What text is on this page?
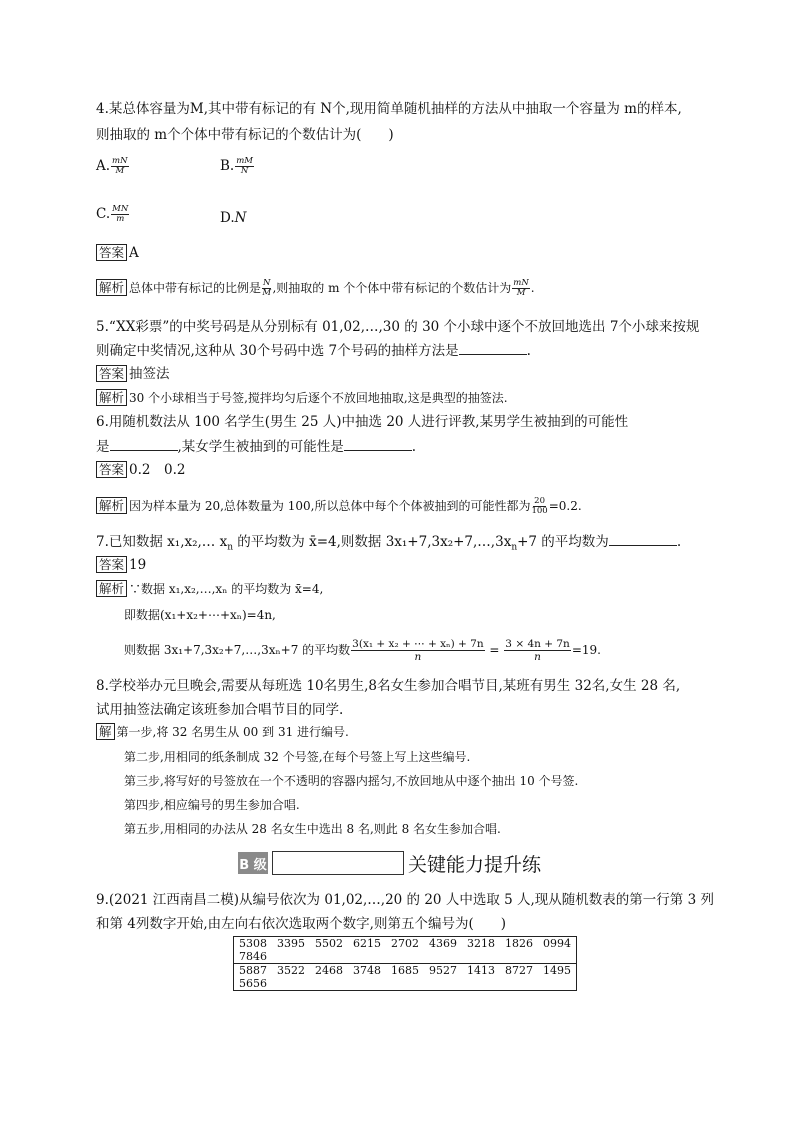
4.某总体容量为M,其中带有标记的有 N个,现用简单随机抽样的方法从中抽取一个容量为 m的样本,
则抽取的 m个个体中带有标记的个数估计为(　　)
A. $\frac{mN}{M}$	B. $\frac{mM}{N}$
C. $\frac{MN}{m}$	D.N
答案 A
解析 总体中带有标记的比例是 $\frac{N}{M}$ ,则抽取的 m 个个体中带有标记的个数估计为 $\frac{mN}{M}$ .
5.“XX彩票”的中奖号码是从分别标有 01,02,…,30 的 30 个小球中逐个不放回地选出 7个小球来按规
则确定中奖情况,这种从 30个号码中选 7个号码的抽样方法是	.
答案 抽签法
解析 30 个小球相当于号签,搅拌均匀后逐个不放回地抽取,这是典型的抽签法.
6.用随机数法从 100 名学生(男生 25 人)中抽选 20 人进行评教,某男学生被抽到的可能性
是	,某女学生被抽到的可能性是	.
答案 0.2　0.2
解析 因为样本量为 20,总体数量为 100,所以总体中每个个体被抽到的可能性都为 $\frac{20}{100} =0.2$.
7.已知数据 x₁,x₂,… $x_n$ 的平均数为 x̄=4,则数据 $3x_1+7,3x_2+7,\dots,3x_n+7$ 的平均数为	.
答案 19
解析 ∵数据 x₁,x₂,…,xₙ 的平均数为 x̄=4,
即数据(x₁+x₂+⋯+xₙ)=4n,
则数据 3x₁+7,3x₂+7,…,3xₙ+7 的平均数 $\frac{\text{3(x₁ + x₂ + ⋯ + xₙ) + 7n}}{n} = \frac{3 \times 4n + 7n}{n} =19$.
8.学校举办元旦晚会,需要从每班选 10名男生,8名女生参加合唱节目,某班有男生 32名,女生 28 名,
试用抽签法确定该班参加合唱节目的同学.
解 第一步,将 32 名男生从 00 到 31 进行编号.
第二步,用相同的纸条制成 32 个号签,在每个号签上写上这些编号.
第三步,将写好的号签放在一个不透明的容器内摇匀,不放回地从中逐个抽出 10 个号签.
第四步,相应编号的男生参加合唱.
第五步,用相同的办法从 28 名女生中选出 8 名,则此 8 名女生参加合唱.
B 级	关键能力提升练
9.(2021 江西南昌二模)从编号依次为 01,02,…,20 的 20 人中选取 5 人,现从随机数表的第一行第 3 列
和第 4列数字开始,由左向右依次选取两个数字,则第五个编号为(　　)
5308	3395	5502	6215	2702	4369	3218	1826	0994
7846								
5887	3522	2468	3748	1685	9527	1413	8727	1495
5656								
